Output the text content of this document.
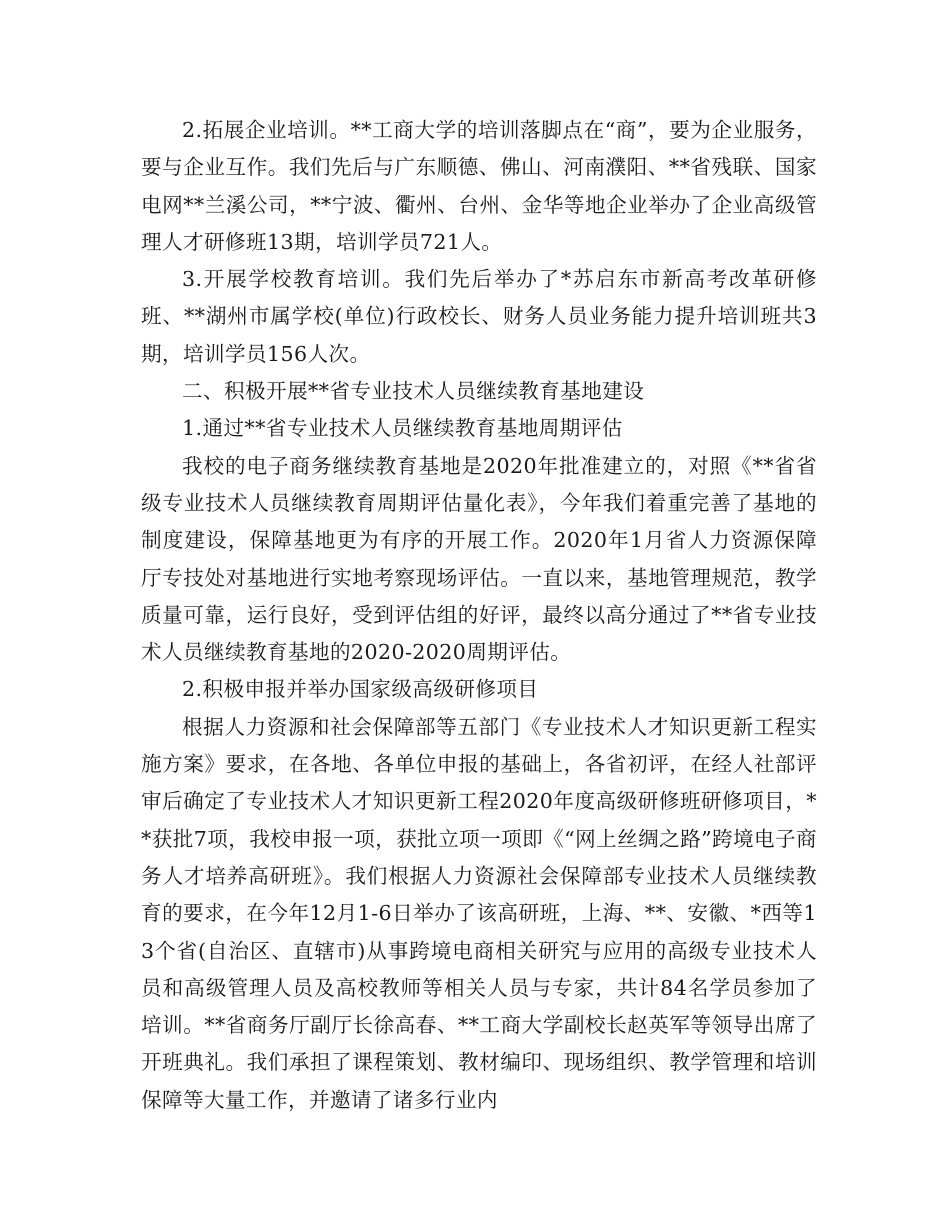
2.拓展企业培训。**工商大学的培训落脚点在“商”，要为企业服务，要与企业互作。我们先后与广东顺德、佛山、河南濮阳、**省残联、国家电网**兰溪公司，**宁波、衢州、台州、金华等地企业举办了企业高级管理人才研修班13期，培训学员721人。

3.开展学校教育培训。我们先后举办了*苏启东市新高考改革研修班、**湖州市属学校(单位)行政校长、财务人员业务能力提升培训班共3期，培训学员156人次。

二、积极开展**省专业技术人员继续教育基地建设

1.通过**省专业技术人员继续教育基地周期评估

我校的电子商务继续教育基地是2020年批准建立的，对照《**省省级专业技术人员继续教育周期评估量化表》，今年我们着重完善了基地的制度建设，保障基地更为有序的开展工作。2020年1月省人力资源保障厅专技处对基地进行实地考察现场评估。一直以来，基地管理规范，教学质量可靠，运行良好，受到评估组的好评，最终以高分通过了**省专业技术人员继续教育基地的2020-2020周期评估。

2.积极申报并举办国家级高级研修项目

根据人力资源和社会保障部等五部门《专业技术人才知识更新工程实施方案》要求，在各地、各单位申报的基础上，各省初评，在经人社部评审后确定了专业技术人才知识更新工程2020年度高级研修班研修项目，**获批7项，我校申报一项，获批立项一项即《“网上丝绸之路”跨境电子商务人才培养高研班》。我们根据人力资源社会保障部专业技术人员继续教育的要求，在今年12月1-6日举办了该高研班，上海、**、安徽、*西等13个省(自治区、直辖市)从事跨境电商相关研究与应用的高级专业技术人员和高级管理人员及高校教师等相关人员与专家，共计84名学员参加了培训。**省商务厅副厅长徐高春、**工商大学副校长赵英军等领导出席了开班典礼。我们承担了课程策划、教材编印、现场组织、教学管理和培训保障等大量工作，并邀请了诸多行业内
